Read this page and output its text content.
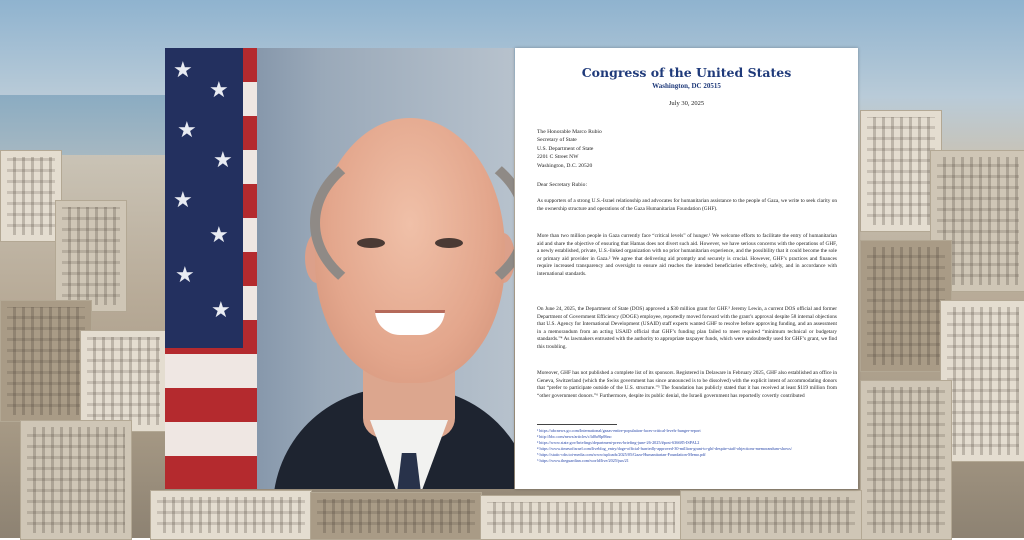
★
★
★
★
★
★
★
★
Congress of the United States
Washington, DC 20515
July 30, 2025
The Honorable Marco Rubio
Secretary of State
U.S. Department of State
2201 C Street NW
Washington, D.C. 20520
Dear Secretary Rubio:
As supporters of a strong U.S.-Israel relationship and advocates for humanitarian assistance to the people of Gaza, we write to seek clarity on the ownership structure and operations of the Gaza Humanitarian Foundation (GHF).
More than two million people in Gaza currently face “critical levels” of hunger.¹ We welcome efforts to facilitate the entry of humanitarian aid and share the objective of ensuring that Hamas does not divert such aid. However, we have serious concerns with the operations of GHF, a newly established, private, U.S.-linked organization with no prior humanitarian experience, and the possibility that it could become the sole or primary aid provider in Gaza.² We agree that delivering aid promptly and securely is crucial. However, GHF’s practices and finances require increased transparency and oversight to ensure aid reaches the intended beneficiaries effectively, safely, and in accordance with international standards.
On June 24, 2025, the Department of State (DOS) approved a $30 million grant for GHF.³ Jeremy Lewin, a current DOS official and former Department of Government Efficiency (DOGE) employee, reportedly moved forward with the grant’s approval despite 58 internal objections that U.S. Agency for International Development (USAID) staff experts wanted GHF to resolve before approving funding, and an assessment in a memorandum from an acting USAID official that GHF’s funding plan failed to meet required “minimum technical or budgetary standards.”⁴ As lawmakers entrusted with the authority to appropriate taxpayer funds, which were undoubtedly used for GHF’s grant, we find this troubling.
Moreover, GHF has not published a complete list of its sponsors. Registered in Delaware in February 2025, GHF also established an office in Geneva, Switzerland (which the Swiss government has since announced is to be dissolved) with the explicit intent of accommodating donors that “prefer to participate outside of the U.S. structure.”⁵ The foundation has publicly stated that it has received at least $119 million from “other government donors.”⁶ Furthermore, despite its public denial, the Israeli government has reportedly covertly contributed
¹ https://abcnews.go.com/International/gazas-entire-population-faces-critical-levels-hunger-report
² http://bbc.com/news/articles/c3d0a9lp06no
³ https://www.state.gov/briefings/department-press-briefing-june-26-2025/#post-636685-ISPAL2
⁴ https://www.timesofisrael.com/liveblog_entry/doge-official-hurriedly-approved-30-million-grant-to-ghf-despite-staff-objections-memorandum-shows/
⁵ https://static-cdn.toi-media.com/www/uploads/2025/05/Gaza-Humanitarian-Foundation-Memo.pdf
⁶ https://www.theguardian.com/world/live/2025/jun/21
